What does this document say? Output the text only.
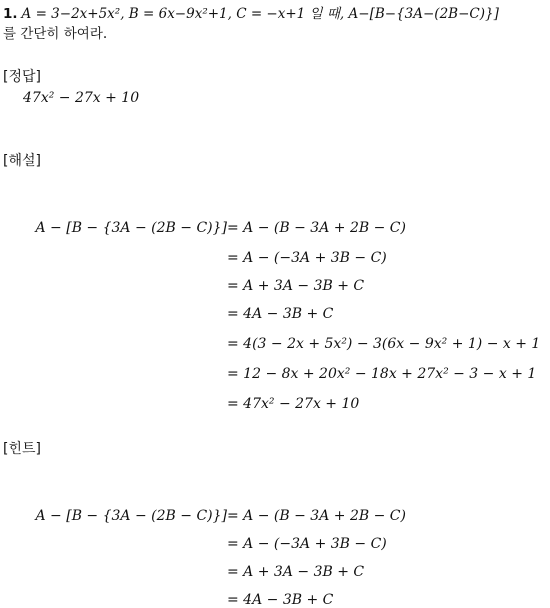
1. A = 3−2x+5x², B = 6x−9x²+1, C = −x+1 일 때, A−[B−{3A−(2B−C)}]
를 간단히 하여라.
[정답]
47x² − 27x + 10
[해설]
A − [B − {3A − (2B − C)}] = A − (B − 3A + 2B − C)
= A − (−3A + 3B − C)
= A + 3A − 3B + C
= 4A − 3B + C
= 4(3 − 2x + 5x²) − 3(6x − 9x² + 1) − x + 1
= 12 − 8x + 20x² − 18x + 27x² − 3 − x + 1
= 47x² − 27x + 10
[힌트]
A − [B − {3A − (2B − C)}] = A − (B − 3A + 2B − C)
= A − (−3A + 3B − C)
= A + 3A − 3B + C
= 4A − 3B + C
